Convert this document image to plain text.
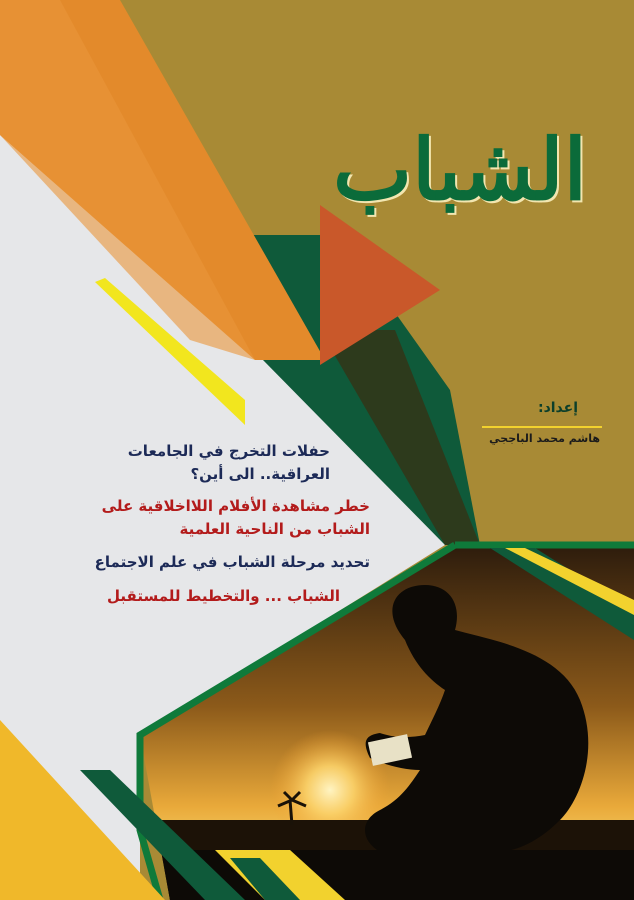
الشباب
إعداد:
هاشم محمد الباججي
حفلات التخرج في الجامعات العراقية.. الى أين؟
خطر مشاهدة الأفلام اللااخلاقية على الشباب من الناحية العلمية
تحديد مرحلة الشباب في علم الاجتماع
الشباب ... والتخطيط للمستقبل
